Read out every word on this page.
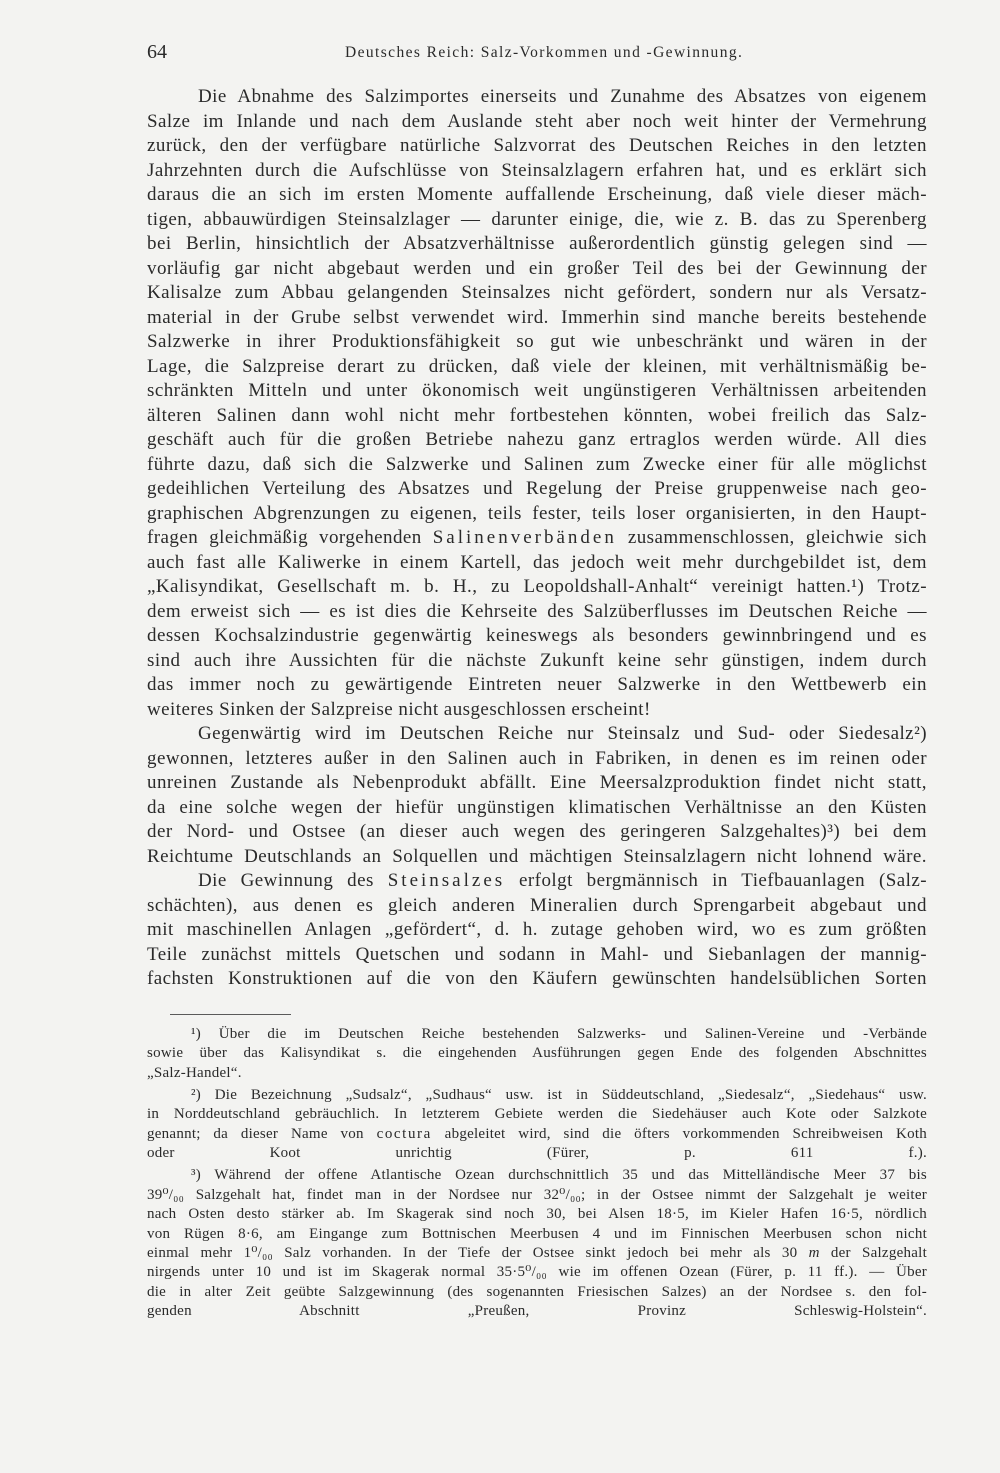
64	Deutsches Reich: Salz-Vorkommen und -Gewinnung.
Die Abnahme des Salzimportes einerseits und Zunahme des Absatzes von eigenem
Salze im Inlande und nach dem Auslande steht aber noch weit hinter der Vermehrung
zurück, den der verfügbare natürliche Salzvorrat des Deutschen Reiches in den letzten
Jahrzehnten durch die Aufschlüsse von Steinsalzlagern erfahren hat, und es erklärt sich
daraus die an sich im ersten Momente auffallende Erscheinung, daß viele dieser mäch-
tigen, abbauwürdigen Steinsalzlager — darunter einige, die, wie z. B. das zu Sperenberg
bei Berlin, hinsichtlich der Absatzverhältnisse außerordentlich günstig gelegen sind —
vorläufig gar nicht abgebaut werden und ein großer Teil des bei der Gewinnung der
Kalisalze zum Abbau gelangenden Steinsalzes nicht gefördert, sondern nur als Versatz-
material in der Grube selbst verwendet wird. Immerhin sind manche bereits bestehende
Salzwerke in ihrer Produktionsfähigkeit so gut wie unbeschränkt und wären in der
Lage, die Salzpreise derart zu drücken, daß viele der kleinen, mit verhältnismäßig be-
schränkten Mitteln und unter ökonomisch weit ungünstigeren Verhältnissen arbeitenden
älteren Salinen dann wohl nicht mehr fortbestehen könnten, wobei freilich das Salz-
geschäft auch für die großen Betriebe nahezu ganz ertraglos werden würde. All dies
führte dazu, daß sich die Salzwerke und Salinen zum Zwecke einer für alle möglichst
gedeihlichen Verteilung des Absatzes und Regelung der Preise gruppenweise nach geo-
graphischen Abgrenzungen zu eigenen, teils fester, teils loser organisierten, in den Haupt-
fragen gleichmäßig vorgehenden Salinenverbänden zusammenschlossen, gleichwie sich
auch fast alle Kaliwerke in einem Kartell, das jedoch weit mehr durchgebildet ist, dem
„Kalisyndikat, Gesellschaft m. b. H., zu Leopoldshall-Anhalt“ vereinigt hatten.¹) Trotz-
dem erweist sich — es ist dies die Kehrseite des Salzüberflusses im Deutschen Reiche —
dessen Kochsalzindustrie gegenwärtig keineswegs als besonders gewinnbringend und es
sind auch ihre Aussichten für die nächste Zukunft keine sehr günstigen, indem durch
das immer noch zu gewärtigende Eintreten neuer Salzwerke in den Wettbewerb ein
weiteres Sinken der Salzpreise nicht ausgeschlossen erscheint!
Gegenwärtig wird im Deutschen Reiche nur Steinsalz und Sud- oder Siedesalz²)
gewonnen, letzteres außer in den Salinen auch in Fabriken, in denen es im reinen oder
unreinen Zustande als Nebenprodukt abfällt. Eine Meersalzproduktion findet nicht statt,
da eine solche wegen der hiefür ungünstigen klimatischen Verhältnisse an den Küsten
der Nord- und Ostsee (an dieser auch wegen des geringeren Salzgehaltes)³) bei dem
Reichtume Deutschlands an Solquellen und mächtigen Steinsalzlagern nicht lohnend wäre.
Die Gewinnung des Steinsalzes erfolgt bergmännisch in Tiefbauanlagen (Salz-
schächten), aus denen es gleich anderen Mineralien durch Sprengarbeit abgebaut und
mit maschinellen Anlagen „gefördert“, d. h. zutage gehoben wird, wo es zum größten
Teile zunächst mittels Quetschen und sodann in Mahl- und Siebanlagen der mannig-
fachsten Konstruktionen auf die von den Käufern gewünschten handelsüblichen Sorten
¹) Über die im Deutschen Reiche bestehenden Salzwerks- und Salinen-Vereine und -Verbände
sowie über das Kalisyndikat s. die eingehenden Ausführungen gegen Ende des folgenden Abschnittes
„Salz-Handel“.
²) Die Bezeichnung „Sudsalz“, „Sudhaus“ usw. ist in Süddeutschland, „Siedesalz“, „Siedehaus“ usw.
in Norddeutschland gebräuchlich. In letzterem Gebiete werden die Siedehäuser auch Kote oder Salzkote
genannt; da dieser Name von coctura abgeleitet wird, sind die öfters vorkommenden Schreibweisen Koth
oder Koot unrichtig (Fürer, p. 611 f.).
³) Während der offene Atlantische Ozean durchschnittlich 35 und das Mittelländische Meer 37 bis
39⁰/₀₀ Salzgehalt hat, findet man in der Nordsee nur 32⁰/₀₀; in der Ostsee nimmt der Salzgehalt je weiter
nach Osten desto stärker ab. Im Skagerak sind noch 30, bei Alsen 18·5, im Kieler Hafen 16·5, nördlich
von Rügen 8·6, am Eingange zum Bottnischen Meerbusen 4 und im Finnischen Meerbusen schon nicht
einmal mehr 1⁰/₀₀ Salz vorhanden. In der Tiefe der Ostsee sinkt jedoch bei mehr als 30 m der Salzgehalt
nirgends unter 10 und ist im Skagerak normal 35·5⁰/₀₀ wie im offenen Ozean (Fürer, p. 11 ff.). — Über
die in alter Zeit geübte Salzgewinnung (des sogenannten Friesischen Salzes) an der Nordsee s. den fol-
genden Abschnitt „Preußen, Provinz Schleswig-Holstein“.
